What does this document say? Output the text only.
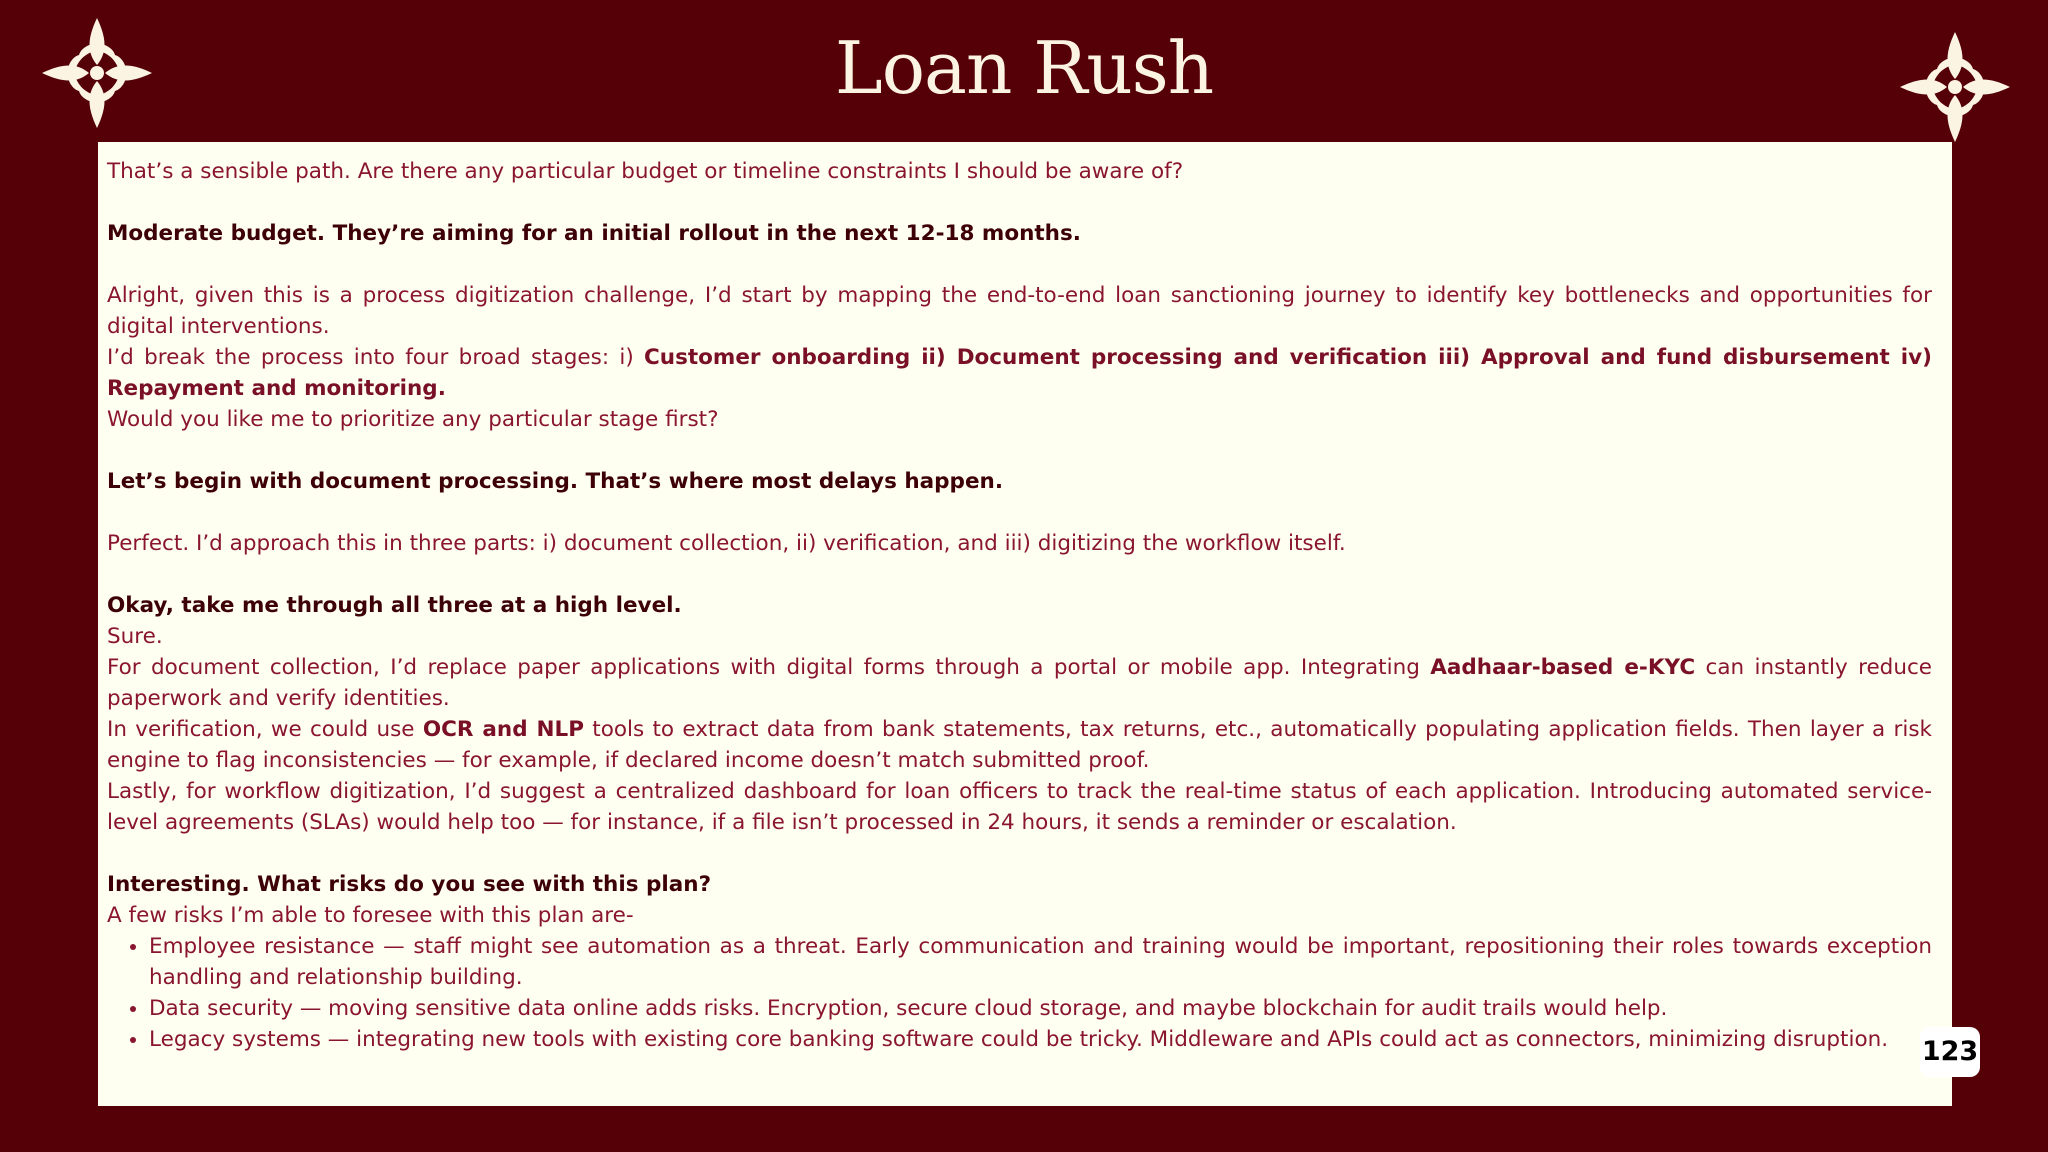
Loan Rush

That’s a sensible path. Are there any particular budget or timeline constraints I should be aware of?

Moderate budget. They’re aiming for an initial rollout in the next 12-18 months.

Alright, given this is a process digitization challenge, I’d start by mapping the end-to-end loan sanctioning journey to identify key bottlenecks and opportunities for digital interventions.

I’d break the process into four broad stages: i) Customer onboarding ii) Document processing and verification iii) Approval and fund disbursement iv) Repayment and monitoring.

Would you like me to prioritize any particular stage first?

Let’s begin with document processing. That’s where most delays happen.

Perfect. I’d approach this in three parts: i) document collection, ii) verification, and iii) digitizing the workflow itself.

Okay, take me through all three at a high level.

Sure.

For document collection, I’d replace paper applications with digital forms through a portal or mobile app. Integrating Aadhaar-based e-KYC can instantly reduce paperwork and verify identities.

In verification, we could use OCR and NLP tools to extract data from bank statements, tax returns, etc., automatically populating application fields. Then layer a risk engine to flag inconsistencies — for example, if declared income doesn’t match submitted proof.

Lastly, for workflow digitization, I’d suggest a centralized dashboard for loan officers to track the real-time status of each application. Introducing automated service-level agreements (SLAs) would help too — for instance, if a file isn’t processed in 24 hours, it sends a reminder or escalation.

Interesting. What risks do you see with this plan?

A few risks I’m able to foresee with this plan are-

• Employee resistance — staff might see automation as a threat. Early communication and training would be important, repositioning their roles towards exception handling and relationship building.
• Data security — moving sensitive data online adds risks. Encryption, secure cloud storage, and maybe blockchain for audit trails would help.
• Legacy systems — integrating new tools with existing core banking software could be tricky. Middleware and APIs could act as connectors, minimizing disruption.	123
